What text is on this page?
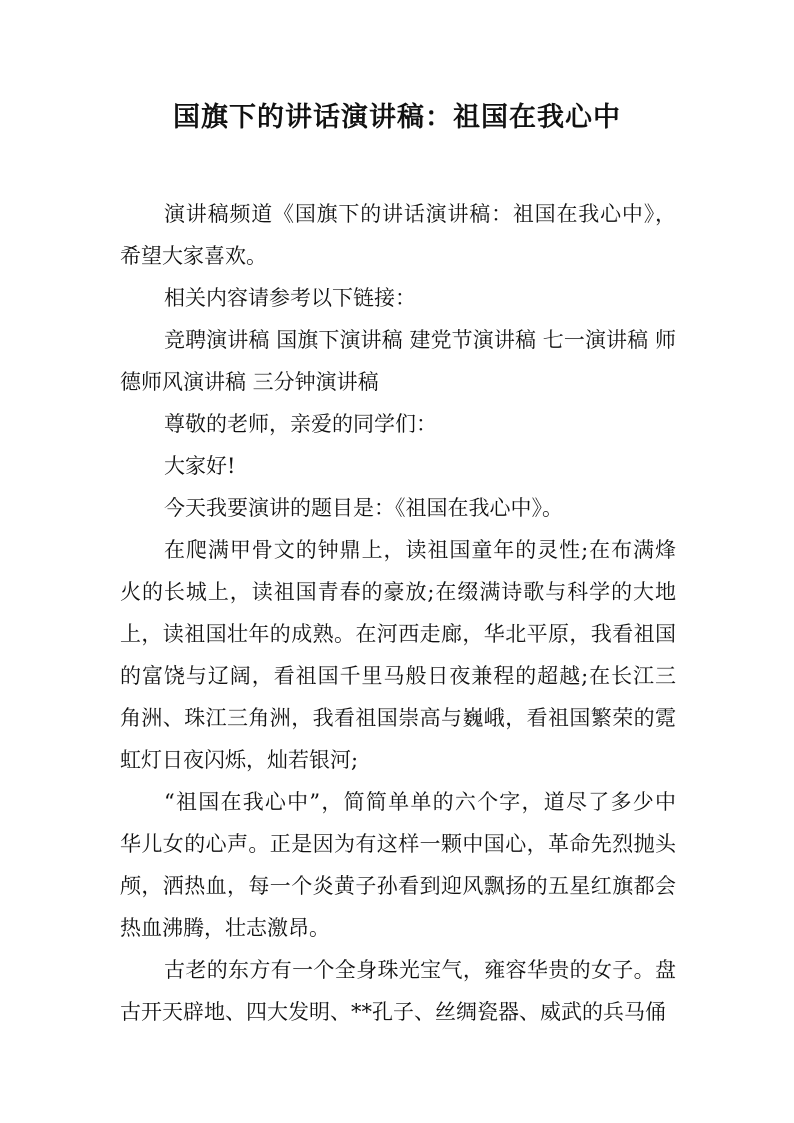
国旗下的讲话演讲稿：祖国在我心中
演讲稿频道《国旗下的讲话演讲稿：祖国在我心中》，
希望大家喜欢。
相关内容请参考以下链接：
竞聘演讲稿 国旗下演讲稿 建党节演讲稿 七一演讲稿 师
德师风演讲稿 三分钟演讲稿
尊敬的老师，亲爱的同学们：
大家好!
今天我要演讲的题目是：《祖国在我心中》。
在爬满甲骨文的钟鼎上，读祖国童年的灵性;在布满烽
火的长城上，读祖国青春的豪放;在缀满诗歌与科学的大地
上，读祖国壮年的成熟。在河西走廊，华北平原，我看祖国
的富饶与辽阔，看祖国千里马般日夜兼程的超越;在长江三
角洲、珠江三角洲，我看祖国崇高与巍峨，看祖国繁荣的霓
虹灯日夜闪烁，灿若银河;
“祖国在我心中”，简简单单的六个字，道尽了多少中
华儿女的心声。正是因为有这样一颗中国心，革命先烈抛头
颅，洒热血，每一个炎黄子孙看到迎风飘扬的五星红旗都会
热血沸腾，壮志激昂。
古老的东方有一个全身珠光宝气，雍容华贵的女子。盘
古开天辟地、四大发明、**孔子、丝绸瓷器、威武的兵马俑
